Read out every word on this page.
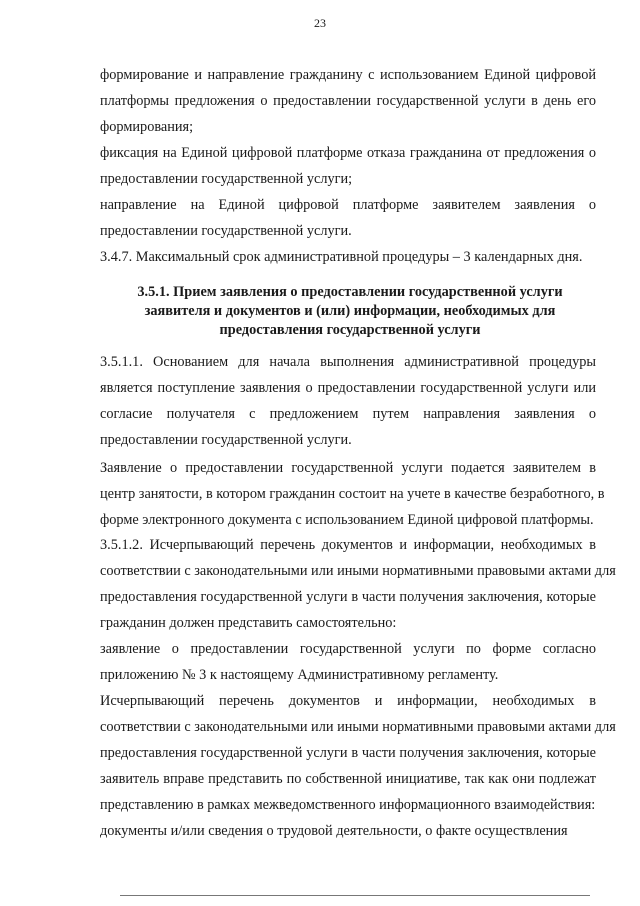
23
формирование и направление гражданину с использованием Единой цифровой
платформы предложения о предоставлении государственной услуги в день его
формирования;
фиксация на Единой цифровой платформе отказа гражданина от предложения о
предоставлении государственной услуги;
направление на Единой цифровой платформе заявителем заявления о
предоставлении государственной услуги.
3.4.7. Максимальный срок административной процедуры – 3 календарных дня.
3.5.1. Прием заявления о предоставлении государственной услуги
заявителя и документов и (или) информации, необходимых для
предоставления государственной услуги
3.5.1.1. Основанием для начала выполнения административной процедуры
является поступление заявления о предоставлении государственной услуги или
согласие получателя с предложением путем направления заявления о
предоставлении государственной услуги.
Заявление о предоставлении государственной услуги подается заявителем в
центр занятости, в котором гражданин состоит на учете в качестве безработного, в
форме электронного документа с использованием Единой цифровой платформы.
3.5.1.2. Исчерпывающий перечень документов и информации, необходимых в
соответствии с законодательными или иными нормативными правовыми актами для
предоставления государственной услуги в части получения заключения, которые
гражданин должен представить самостоятельно:
заявление о предоставлении государственной услуги по форме согласно
приложению № 3 к настоящему Административному регламенту.
Исчерпывающий перечень документов и информации, необходимых в
соответствии с законодательными или иными нормативными правовыми актами для
предоставления государственной услуги в части получения заключения, которые
заявитель вправе представить по собственной инициативе, так как они подлежат
представлению в рамках межведомственного информационного взаимодействия:
документы и/или сведения о трудовой деятельности, о факте осуществления
